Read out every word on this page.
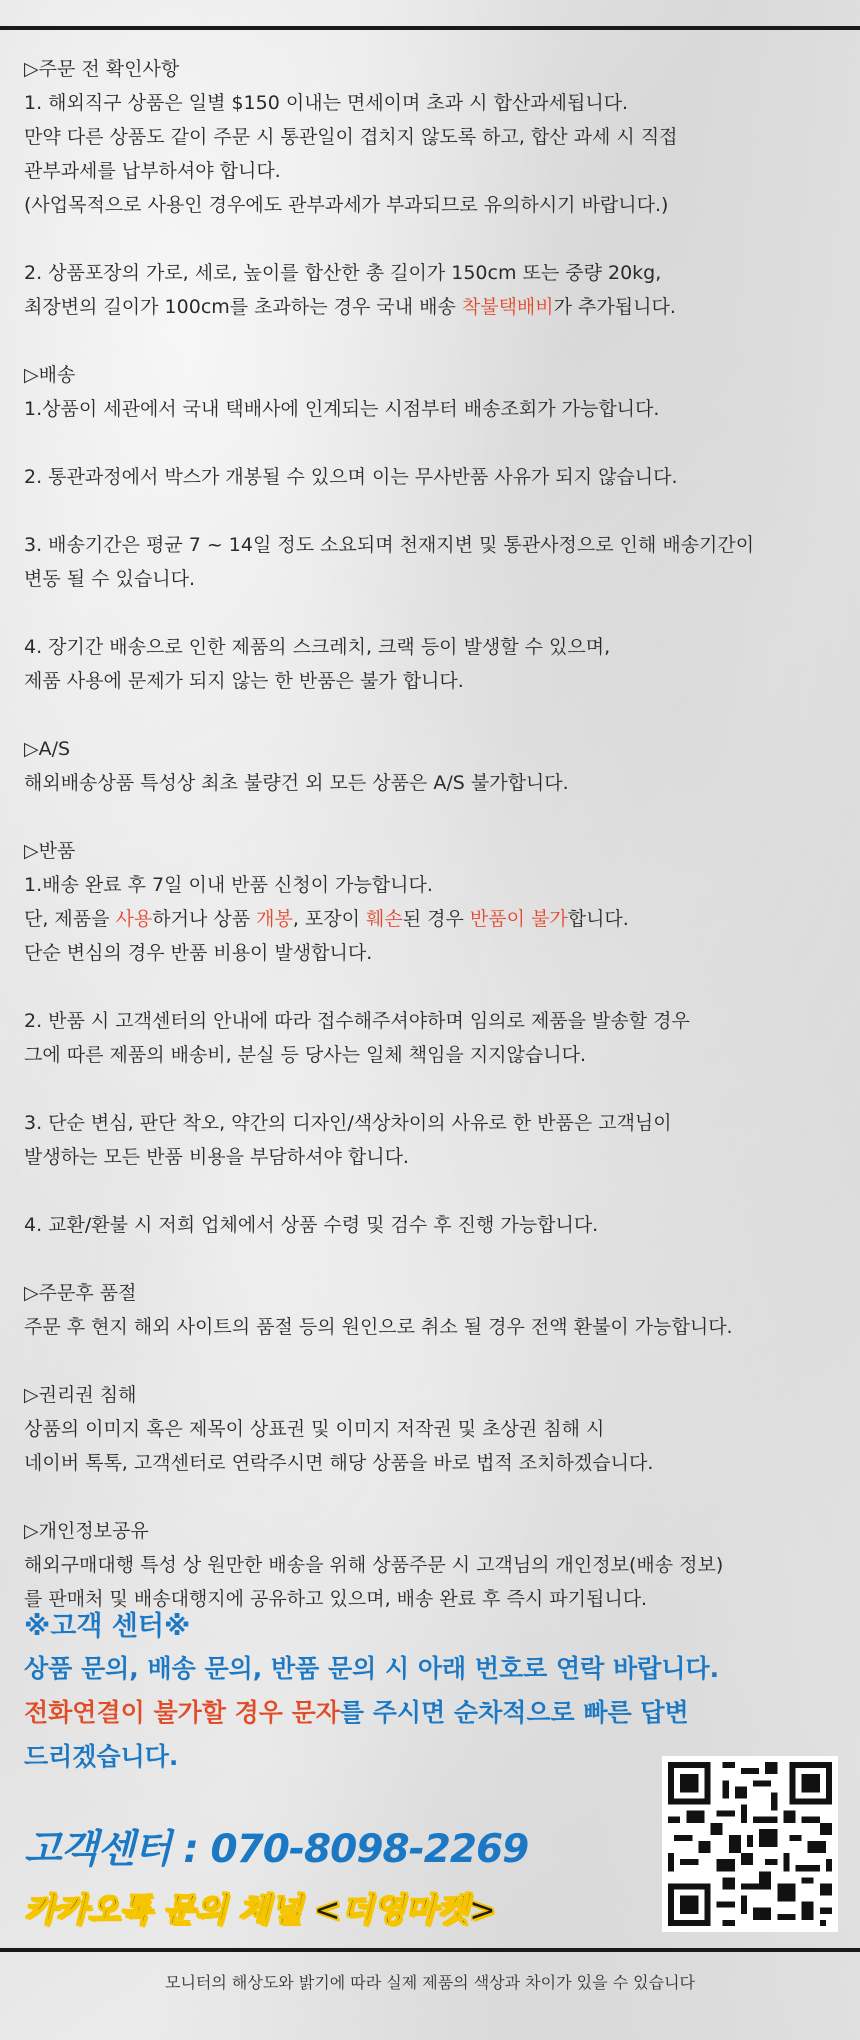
▷주문 전 확인사항

1. 해외직구 상품은 일별 $150 이내는 면세이며 초과 시 합산과세됩니다.

만약 다른 상품도 같이 주문 시 통관일이 겹치지 않도록 하고, 합산 과세 시 직접

관부과세를 납부하셔야 합니다.

(사업목적으로 사용인 경우에도 관부과세가 부과되므로 유의하시기 바랍니다.)

2. 상품포장의 가로, 세로, 높이를 합산한 총 길이가 150cm 또는 중량 20kg,

최장변의 길이가 100cm를 초과하는 경우 국내 배송 착불택배비가 추가됩니다.

▷배송

1.상품이 세관에서 국내 택배사에 인계되는 시점부터 배송조회가 가능합니다.

2. 통관과정에서 박스가 개봉될 수 있으며 이는 무사반품 사유가 되지 않습니다.

3. 배송기간은 평균 7 ~ 14일 정도 소요되며 천재지변 및 통관사정으로 인해 배송기간이

변동 될 수 있습니다.

4. 장기간 배송으로 인한 제품의 스크레치, 크랙 등이 발생할 수 있으며,

제품 사용에 문제가 되지 않는 한 반품은 불가 합니다.

▷A/S

해외배송상품 특성상 최초 불량건 외 모든 상품은 A/S 불가합니다.

▷반품

1.배송 완료 후 7일 이내 반품 신청이 가능합니다.

단, 제품을 사용하거나 상품 개봉, 포장이 훼손된 경우 반품이 불가합니다.

단순 변심의 경우 반품 비용이 발생합니다.

2. 반품 시 고객센터의 안내에 따라 접수해주셔야하며 임의로 제품을 발송할 경우

그에 따른 제품의 배송비, 분실 등 당사는 일체 책임을 지지않습니다.

3. 단순 변심, 판단 착오, 약간의 디자인/색상차이의 사유로 한 반품은 고객님이

발생하는 모든 반품 비용을 부담하셔야 합니다.

4. 교환/환불 시 저희 업체에서 상품 수령 및 검수 후 진행 가능합니다.

▷주문후 품절

주문 후 현지 해외 사이트의 품절 등의 원인으로 취소 될 경우 전액 환불이 가능합니다.

▷권리권 침해

상품의 이미지 혹은 제목이 상표권 및 이미지 저작권 및 초상권 침해 시

네이버 톡톡, 고객센터로 연락주시면 해당 상품을 바로 법적 조치하겠습니다.

▷개인정보공유

해외구매대행 특성 상 원만한 배송을 위해 상품주문 시 고객님의 개인정보(배송 정보)

를 판매처 및 배송대행지에 공유하고 있으며, 배송 완료 후 즉시 파기됩니다.

※고객 센터※

상품 문의, 배송 문의, 반품 문의 시 아래 번호로 연락 바랍니다.

전화연결이 불가할 경우 문자를 주시면 순차적으로 빠른 답변

드리겠습니다.

고객센터 : 070-8098-2269
카카오톡 문의 채널 <더영마켓>
모니터의 해상도와 밝기에 따라 실제 제품의 색상과 차이가 있을 수 있습니다
